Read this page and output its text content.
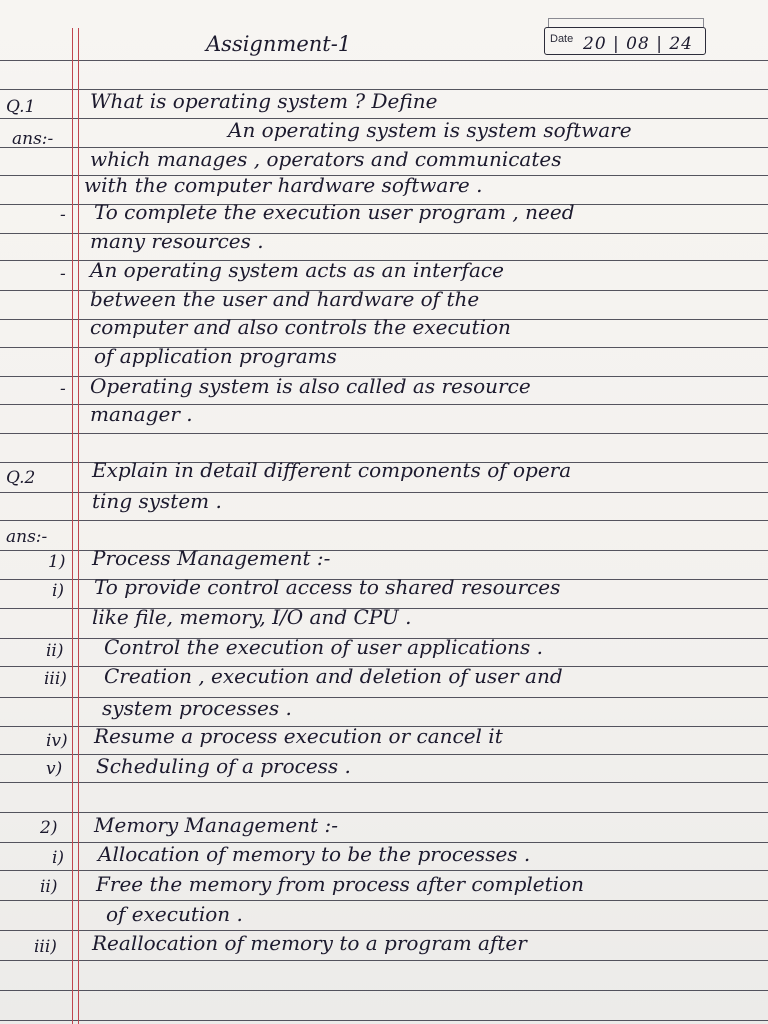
Date 20 | 08 | 24
Assignment-1
Q.1	What is operating system ? Define
ans:-	An operating system is system software
which manages , operators and communicates
with the computer hardware software .
- To complete the execution user program , need
many resources .
- An operating system acts as an interface
between the user and hardware of the
computer and also controls the execution
of application programs
- Operating system is also called as resource
manager .
Q.2	Explain in detail different components of opera
ting system .
ans:-
1) Process Management :-
i) To provide control access to shared resources
like file, memory, I/O and CPU .
ii) Control the execution of user applications .
iii) Creation , execution and deletion of user and
system processes .
iv) Resume a process execution or cancel it
v) Scheduling of a process .
2) Memory Management :-
i) Allocation of memory to be the processes .
ii) Free the memory from process after completion
of execution .
iii) Reallocation of memory to a program after
